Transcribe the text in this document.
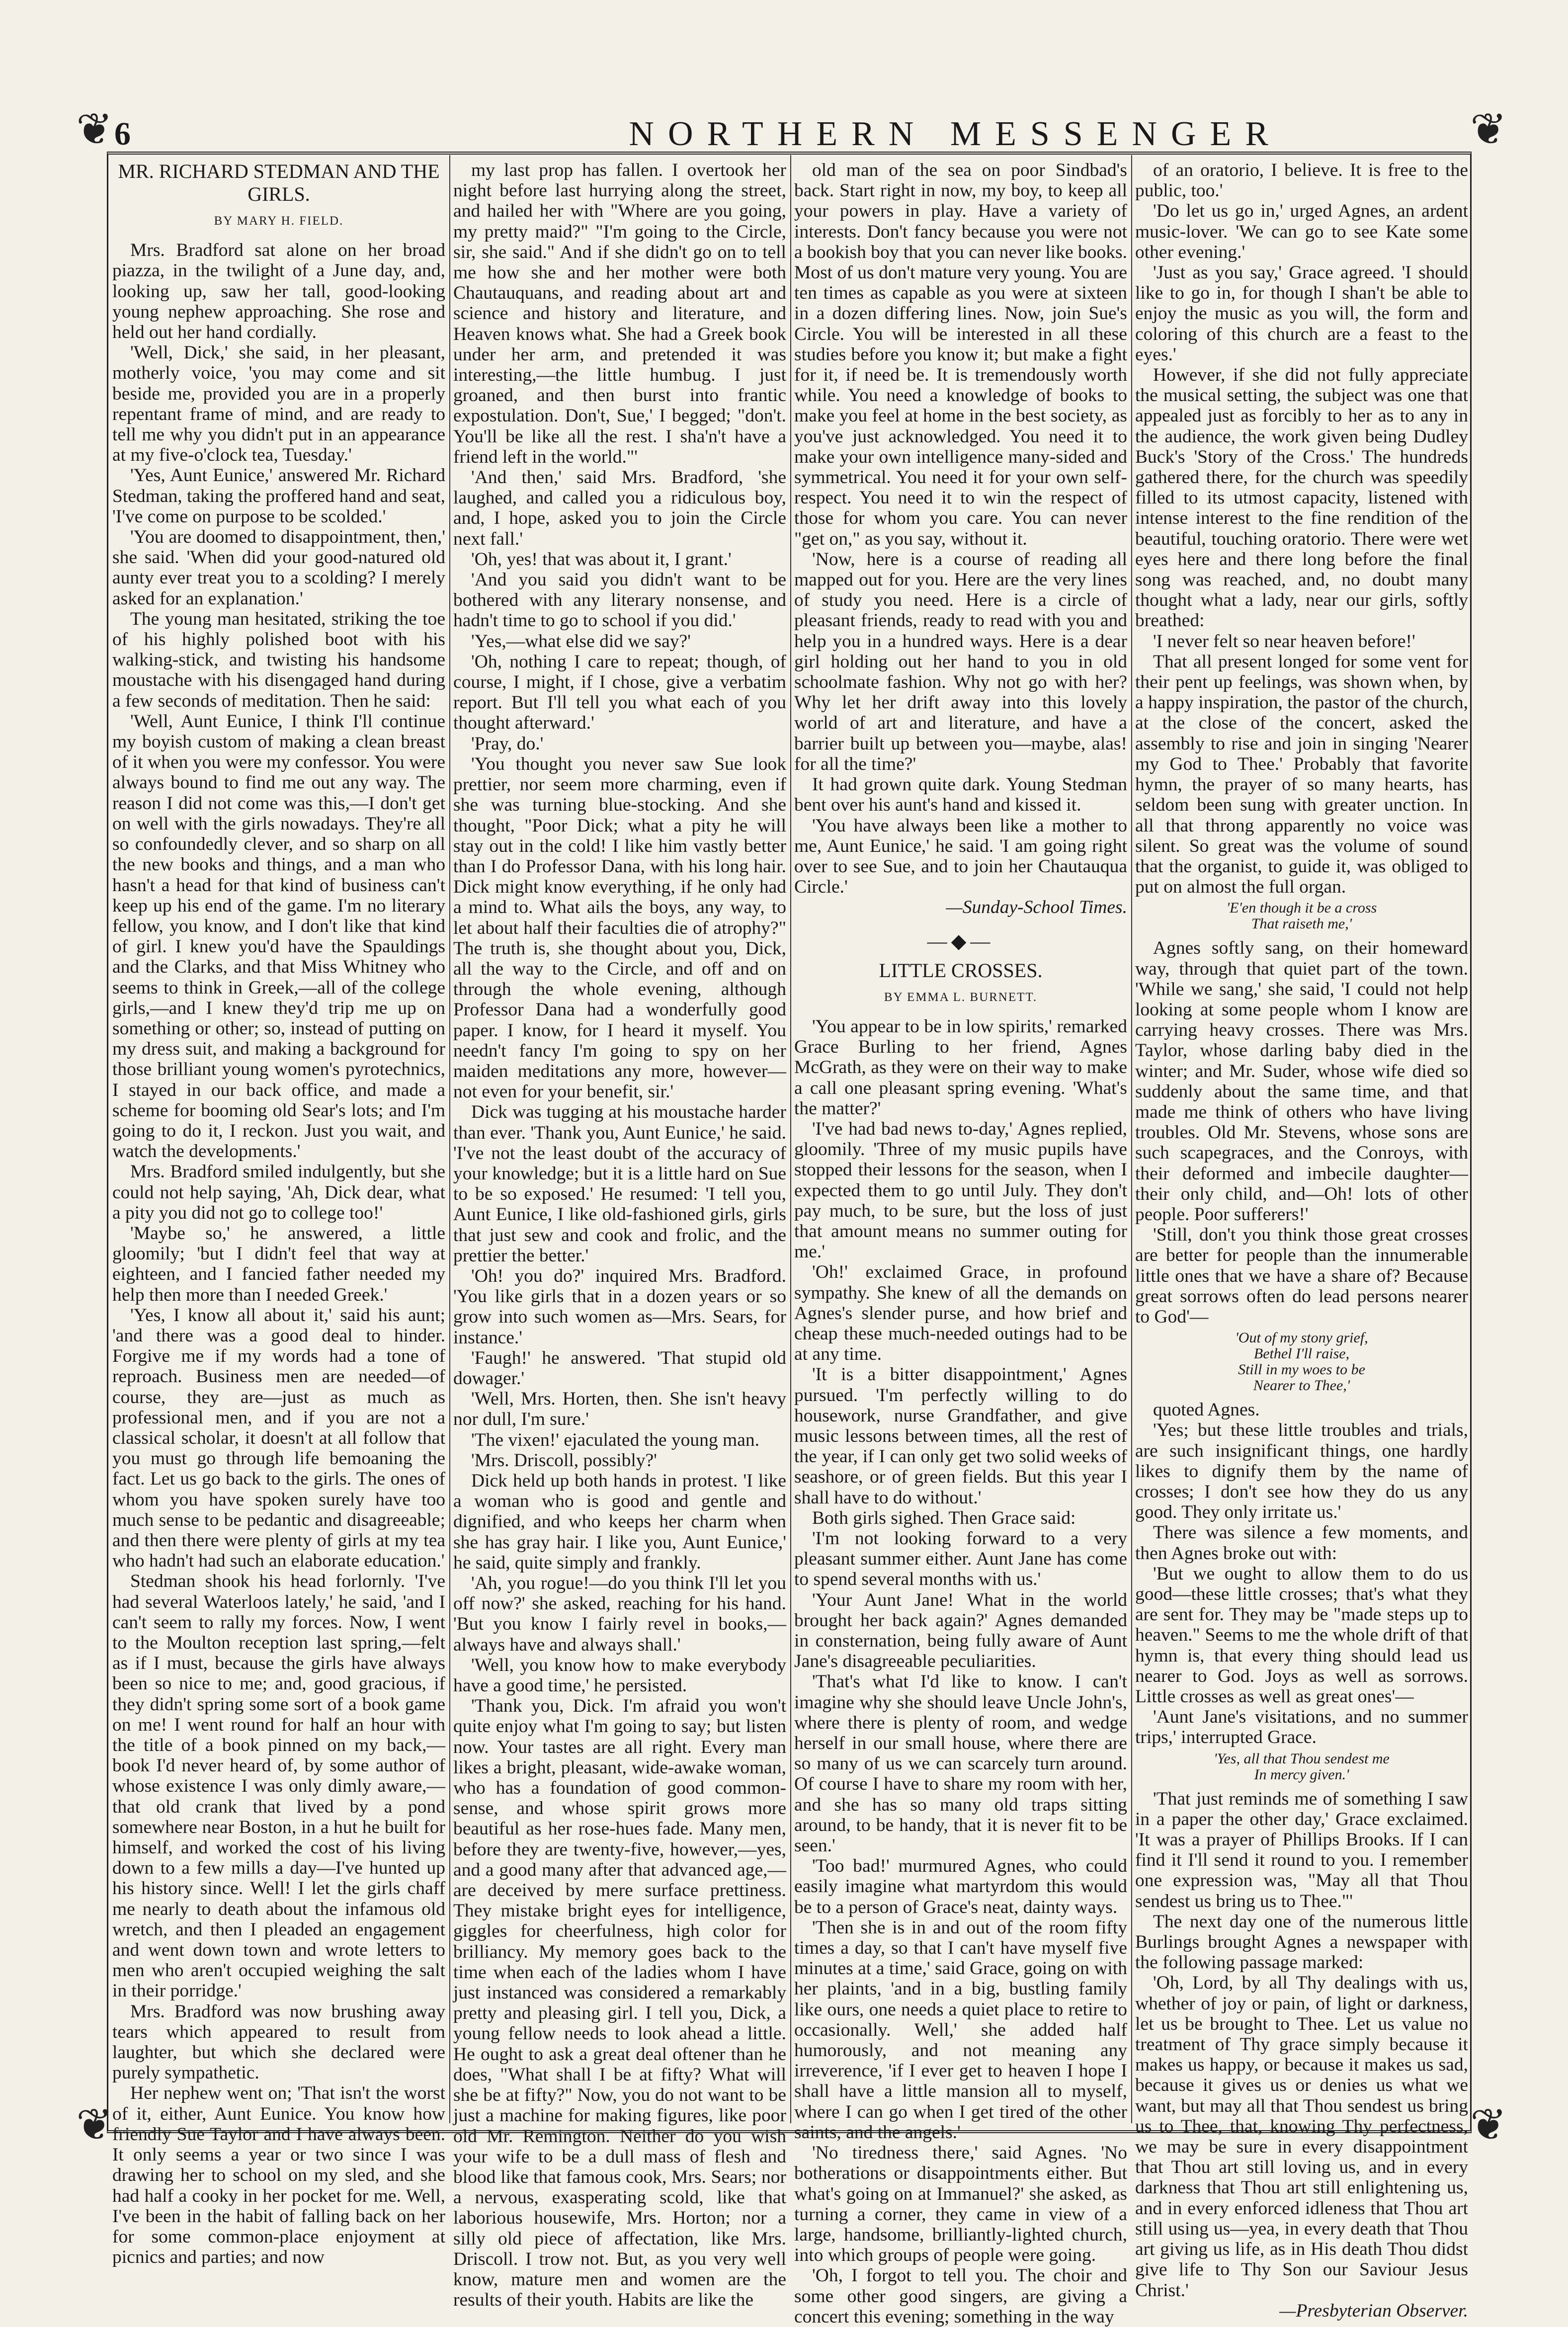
❦	❦
❦	❦
6	NORTHERN MESSENGER
MR. RICHARD STEDMAN AND THE GIRLS.
BY MARY H. FIELD.

Mrs. Bradford sat alone on her broad piazza, in the twilight of a June day, and, looking up, saw her tall, good-looking young nephew approaching. She rose and held out her hand cordially.

'Well, Dick,' she said, in her pleasant, motherly voice, 'you may come and sit beside me, provided you are in a properly repentant frame of mind, and are ready to tell me why you didn't put in an appearance at my five-o'clock tea, Tuesday.'

'Yes, Aunt Eunice,' answered Mr. Richard Stedman, taking the proffered hand and seat, 'I've come on purpose to be scolded.'

'You are doomed to disappointment, then,' she said. 'When did your good-natured old aunty ever treat you to a scolding? I merely asked for an explanation.'

The young man hesitated, striking the toe of his highly polished boot with his walking-stick, and twisting his handsome moustache with his disengaged hand during a few seconds of meditation. Then he said:

'Well, Aunt Eunice, I think I'll continue my boyish custom of making a clean breast of it when you were my confessor. You were always bound to find me out any way. The reason I did not come was this,—I don't get on well with the girls nowadays. They're all so confoundedly clever, and so sharp on all the new books and things, and a man who hasn't a head for that kind of business can't keep up his end of the game. I'm no literary fellow, you know, and I don't like that kind of girl. I knew you'd have the Spauldings and the Clarks, and that Miss Whitney who seems to think in Greek,—all of the college girls,—and I knew they'd trip me up on something or other; so, instead of putting on my dress suit, and making a background for those brilliant young women's pyrotechnics, I stayed in our back office, and made a scheme for booming old Sear's lots; and I'm going to do it, I reckon. Just you wait, and watch the developments.'

Mrs. Bradford smiled indulgently, but she could not help saying, 'Ah, Dick dear, what a pity you did not go to college too!'

'Maybe so,' he answered, a little gloomily; 'but I didn't feel that way at eighteen, and I fancied father needed my help then more than I needed Greek.'

'Yes, I know all about it,' said his aunt; 'and there was a good deal to hinder. Forgive me if my words had a tone of reproach. Business men are needed—of course, they are—just as much as professional men, and if you are not a classical scholar, it doesn't at all follow that you must go through life bemoaning the fact. Let us go back to the girls. The ones of whom you have spoken surely have too much sense to be pedantic and disagreeable; and then there were plenty of girls at my tea who hadn't had such an elaborate education.'

Stedman shook his head forlornly. 'I've had several Waterloos lately,' he said, 'and I can't seem to rally my forces. Now, I went to the Moulton reception last spring,—felt as if I must, because the girls have always been so nice to me; and, good gracious, if they didn't spring some sort of a book game on me! I went round for half an hour with the title of a book pinned on my back,—book I'd never heard of, by some author of whose existence I was only dimly aware,—that old crank that lived by a pond somewhere near Boston, in a hut he built for himself, and worked the cost of his living down to a few mills a day—I've hunted up his history since. Well! I let the girls chaff me nearly to death about the infamous old wretch, and then I pleaded an engagement and went down town and wrote letters to men who aren't occupied weighing the salt in their porridge.'

Mrs. Bradford was now brushing away tears which appeared to result from laughter, but which she declared were purely sympathetic.

Her nephew went on; 'That isn't the worst of it, either, Aunt Eunice. You know how friendly Sue Taylor and I have always been. It only seems a year or two since I was drawing her to school on my sled, and she had half a cooky in her pocket for me. Well, I've been in the habit of falling back on her for some common-place enjoyment at picnics and parties; and now

my last prop has fallen. I overtook her night before last hurrying along the street, and hailed her with "Where are you going, my pretty maid?" "I'm going to the Circle, sir, she said." And if she didn't go on to tell me how she and her mother were both Chautauquans, and reading about art and science and history and literature, and Heaven knows what. She had a Greek book under her arm, and pretended it was interesting,—the little humbug. I just groaned, and then burst into frantic expostulation. Don't, Sue,' I begged; "don't. You'll be like all the rest. I sha'n't have a friend left in the world."'

'And then,' said Mrs. Bradford, 'she laughed, and called you a ridiculous boy, and, I hope, asked you to join the Circle next fall.'

'Oh, yes! that was about it, I grant.'

'And you said you didn't want to be bothered with any literary nonsense, and hadn't time to go to school if you did.'

'Yes,—what else did we say?'

'Oh, nothing I care to repeat; though, of course, I might, if I chose, give a verbatim report. But I'll tell you what each of you thought afterward.'

'Pray, do.'

'You thought you never saw Sue look prettier, nor seem more charming, even if she was turning blue-stocking. And she thought, "Poor Dick; what a pity he will stay out in the cold! I like him vastly better than I do Professor Dana, with his long hair. Dick might know everything, if he only had a mind to. What ails the boys, any way, to let about half their faculties die of atrophy?" The truth is, she thought about you, Dick, all the way to the Circle, and off and on through the whole evening, although Professor Dana had a wonderfully good paper. I know, for I heard it myself. You needn't fancy I'm going to spy on her maiden meditations any more, however—not even for your benefit, sir.'

Dick was tugging at his moustache harder than ever. 'Thank you, Aunt Eunice,' he said. 'I've not the least doubt of the accuracy of your knowledge; but it is a little hard on Sue to be so exposed.' He resumed: 'I tell you, Aunt Eunice, I like old-fashioned girls, girls that just sew and cook and frolic, and the prettier the better.'

'Oh! you do?' inquired Mrs. Bradford. 'You like girls that in a dozen years or so grow into such women as—Mrs. Sears, for instance.'

'Faugh!' he answered. 'That stupid old dowager.'

'Well, Mrs. Horten, then. She isn't heavy nor dull, I'm sure.'

'The vixen!' ejaculated the young man.

'Mrs. Driscoll, possibly?'

Dick held up both hands in protest. 'I like a woman who is good and gentle and dignified, and who keeps her charm when she has gray hair. I like you, Aunt Eunice,' he said, quite simply and frankly.

'Ah, you rogue!—do you think I'll let you off now?' she asked, reaching for his hand. 'But you know I fairly revel in books,—always have and always shall.'

'Well, you know how to make everybody have a good time,' he persisted.

'Thank you, Dick. I'm afraid you won't quite enjoy what I'm going to say; but listen now. Your tastes are all right. Every man likes a bright, pleasant, wide-awake woman, who has a foundation of good common-sense, and whose spirit grows more beautiful as her rose-hues fade. Many men, before they are twenty-five, however,—yes, and a good many after that advanced age,—are deceived by mere surface prettiness. They mistake bright eyes for intelligence, giggles for cheerfulness, high color for brilliancy. My memory goes back to the time when each of the ladies whom I have just instanced was considered a remarkably pretty and pleasing girl. I tell you, Dick, a young fellow needs to look ahead a little. He ought to ask a great deal oftener than he does, "What shall I be at fifty? What will she be at fifty?" Now, you do not want to be just a machine for making figures, like poor old Mr. Remington. Neither do you wish your wife to be a dull mass of flesh and blood like that famous cook, Mrs. Sears; nor a nervous, exasperating scold, like that laborious housewife, Mrs. Horton; nor a silly old piece of affectation, like Mrs. Driscoll. I trow not. But, as you very well know, mature men and women are the results of their youth. Habits are like the

old man of the sea on poor Sindbad's back. Start right in now, my boy, to keep all your powers in play. Have a variety of interests. Don't fancy because you were not a bookish boy that you can never like books. Most of us don't mature very young. You are ten times as capable as you were at sixteen in a dozen differing lines. Now, join Sue's Circle. You will be interested in all these studies before you know it; but make a fight for it, if need be. It is tremendously worth while. You need a knowledge of books to make you feel at home in the best society, as you've just acknowledged. You need it to make your own intelligence many-sided and symmetrical. You need it for your own self-respect. You need it to win the respect of those for whom you care. You can never "get on," as you say, without it.

'Now, here is a course of reading all mapped out for you. Here are the very lines of study you need. Here is a circle of pleasant friends, ready to read with you and help you in a hundred ways. Here is a dear girl holding out her hand to you in old schoolmate fashion. Why not go with her? Why let her drift away into this lovely world of art and literature, and have a barrier built up between you—maybe, alas! for all the time?'

It had grown quite dark. Young Stedman bent over his aunt's hand and kissed it.

'You have always been like a mother to me, Aunt Eunice,' he said. 'I am going right over to see Sue, and to join her Chautauqua Circle.'

—Sunday-School Times.

—◆—
LITTLE CROSSES.
BY EMMA L. BURNETT.

'You appear to be in low spirits,' remarked Grace Burling to her friend, Agnes McGrath, as they were on their way to make a call one pleasant spring evening. 'What's the matter?'

'I've had bad news to-day,' Agnes replied, gloomily. 'Three of my music pupils have stopped their lessons for the season, when I expected them to go until July. They don't pay much, to be sure, but the loss of just that amount means no summer outing for me.'

'Oh!' exclaimed Grace, in profound sympathy. She knew of all the demands on Agnes's slender purse, and how brief and cheap these much-needed outings had to be at any time.

'It is a bitter disappointment,' Agnes pursued. 'I'm perfectly willing to do housework, nurse Grandfather, and give music lessons between times, all the rest of the year, if I can only get two solid weeks of seashore, or of green fields. But this year I shall have to do without.'

Both girls sighed. Then Grace said:

'I'm not looking forward to a very pleasant summer either. Aunt Jane has come to spend several months with us.'

'Your Aunt Jane! What in the world brought her back again?' Agnes demanded in consternation, being fully aware of Aunt Jane's disagreeable peculiarities.

'That's what I'd like to know. I can't imagine why she should leave Uncle John's, where there is plenty of room, and wedge herself in our small house, where there are so many of us we can scarcely turn around. Of course I have to share my room with her, and she has so many old traps sitting around, to be handy, that it is never fit to be seen.'

'Too bad!' murmured Agnes, who could easily imagine what martyrdom this would be to a person of Grace's neat, dainty ways.

'Then she is in and out of the room fifty times a day, so that I can't have myself five minutes at a time,' said Grace, going on with her plaints, 'and in a big, bustling family like ours, one needs a quiet place to retire to occasionally. Well,' she added half humorously, and not meaning any irreverence, 'if I ever get to heaven I hope I shall have a little mansion all to myself, where I can go when I get tired of the other saints, and the angels.'

'No tiredness there,' said Agnes. 'No botherations or disappointments either. But what's going on at Immanuel?' she asked, as turning a corner, they came in view of a large, handsome, brilliantly-lighted church, into which groups of people were going.

'Oh, I forgot to tell you. The choir and some other good singers, are giving a concert this evening; something in the way

of an oratorio, I believe. It is free to the public, too.'

'Do let us go in,' urged Agnes, an ardent music-lover. 'We can go to see Kate some other evening.'

'Just as you say,' Grace agreed. 'I should like to go in, for though I shan't be able to enjoy the music as you will, the form and coloring of this church are a feast to the eyes.'

However, if she did not fully appreciate the musical setting, the subject was one that appealed just as forcibly to her as to any in the audience, the work given being Dudley Buck's 'Story of the Cross.' The hundreds gathered there, for the church was speedily filled to its utmost capacity, listened with intense interest to the fine rendition of the beautiful, touching oratorio. There were wet eyes here and there long before the final song was reached, and, no doubt many thought what a lady, near our girls, softly breathed:

'I never felt so near heaven before!'

That all present longed for some vent for their pent up feelings, was shown when, by a happy inspiration, the pastor of the church, at the close of the concert, asked the assembly to rise and join in singing 'Nearer my God to Thee.' Probably that favorite hymn, the prayer of so many hearts, has seldom been sung with greater unction. In all that throng apparently no voice was silent. So great was the volume of sound that the organist, to guide it, was obliged to put on almost the full organ.

'E'en though it be a cross
That raiseth me,'

Agnes softly sang, on their homeward way, through that quiet part of the town. 'While we sang,' she said, 'I could not help looking at some people whom I know are carrying heavy crosses. There was Mrs. Taylor, whose darling baby died in the winter; and Mr. Suder, whose wife died so suddenly about the same time, and that made me think of others who have living troubles. Old Mr. Stevens, whose sons are such scapegraces, and the Conroys, with their deformed and imbecile daughter—their only child, and—Oh! lots of other people. Poor sufferers!'

'Still, don't you think those great crosses are better for people than the innumerable little ones that we have a share of? Because great sorrows often do lead persons nearer to God'—

'Out of my stony grief,
Bethel I'll raise,
Still in my woes to be
Nearer to Thee,'

quoted Agnes.

'Yes; but these little troubles and trials, are such insignificant things, one hardly likes to dignify them by the name of crosses; I don't see how they do us any good. They only irritate us.'

There was silence a few moments, and then Agnes broke out with:

'But we ought to allow them to do us good—these little crosses; that's what they are sent for. They may be "made steps up to heaven." Seems to me the whole drift of that hymn is, that every thing should lead us nearer to God. Joys as well as sorrows. Little crosses as well as great ones'—

'Aunt Jane's visitations, and no summer trips,' interrupted Grace.

'Yes, all that Thou sendest me
In mercy given.'

'That just reminds me of something I saw in a paper the other day,' Grace exclaimed. 'It was a prayer of Phillips Brooks. If I can find it I'll send it round to you. I remember one expression was, "May all that Thou sendest us bring us to Thee."'

The next day one of the numerous little Burlings brought Agnes a newspaper with the following passage marked:

'Oh, Lord, by all Thy dealings with us, whether of joy or pain, of light or darkness, let us be brought to Thee. Let us value no treatment of Thy grace simply because it makes us happy, or because it makes us sad, because it gives us or denies us what we want, but may all that Thou sendest us bring us to Thee, that, knowing Thy perfectness, we may be sure in every disappointment that Thou art still loving us, and in every darkness that Thou art still enlightening us, and in every enforced idleness that Thou art still using us—yea, in every death that Thou art giving us life, as in His death Thou didst give life to Thy Son our Saviour Jesus Christ.'

—Presbyterian Observer.
